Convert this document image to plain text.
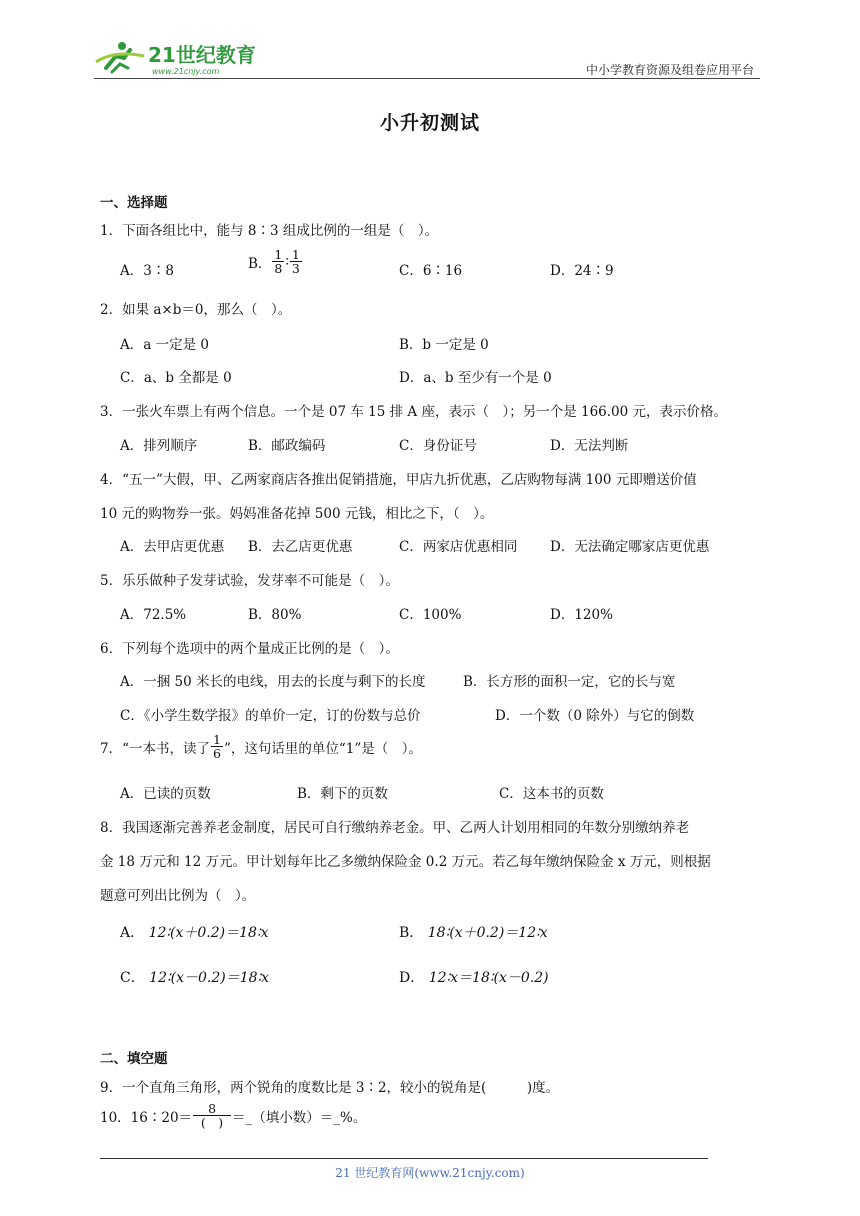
21世纪教育
www.21cnjy.com	中小学教育资源及组卷应用平台
小升初测试
一、选择题
1．下面各组比中，能与 8∶3 组成比例的一组是（　）。
A．3∶8	B． $\frac{1}{8}$ ∶ $\frac{1}{3}$	C．6∶16	D．24∶9
2．如果 a×b＝0，那么（　）。
A．a 一定是 0	B．b 一定是 0
C．a、b 全都是 0	D．a、b 至少有一个是 0
3．一张火车票上有两个信息。一个是 07 车 15 排 A 座，表示（　）；另一个是 166.00 元，表示价格。
A．排列顺序	B．邮政编码	C．身份证号	D．无法判断
4．“五一”大假，甲、乙两家商店各推出促销措施，甲店九折优惠，乙店购物每满 100 元即赠送价值
10 元的购物券一张。妈妈准备花掉 500 元钱，相比之下，（　）。
A．去甲店更优惠 B．去乙店更优惠	C．两家店优惠相同 D．无法确定哪家店更优惠
5．乐乐做种子发芽试验，发芽率不可能是（　）。
A．72.5%	B．80%	C．100%	D．120%
6．下列每个选项中的两个量成正比例的是（　）。
A．一捆 50 米长的电线，用去的长度与剩下的长度	B．长方形的面积一定，它的长与宽
C．《小学生数学报》的单价一定，订的份数与总价	D．一个数（0 除外）与它的倒数
7．“一本书，读了 $\frac{1}{6}$ ”，这句话里的单位“1”是（　）。
A．已读的页数	B．剩下的页数	C．这本书的页数
8．我国逐渐完善养老金制度，居民可自行缴纳养老金。甲、乙两人计划用相同的年数分别缴纳养老
金 18 万元和 12 万元。甲计划每年比乙多缴纳保险金 0.2 万元。若乙每年缴纳保险金 x 万元，则根据
题意可列出比例为（　）。
A． 12∶(x＋0.2)＝18∶x	B． 18∶(x＋0.2)＝12∶x
C． 12∶(x－0.2)＝18∶x	D． 12∶x＝18∶(x－0.2)
二、填空题
9．一个直角三角形，两个锐角的度数比是 3∶2，较小的锐角是(　　　)度。
10．16∶20＝ $\frac{8}{( )}$ ＝_（填小数）＝_%。
21 世纪教育网(www.21cnjy.com)
